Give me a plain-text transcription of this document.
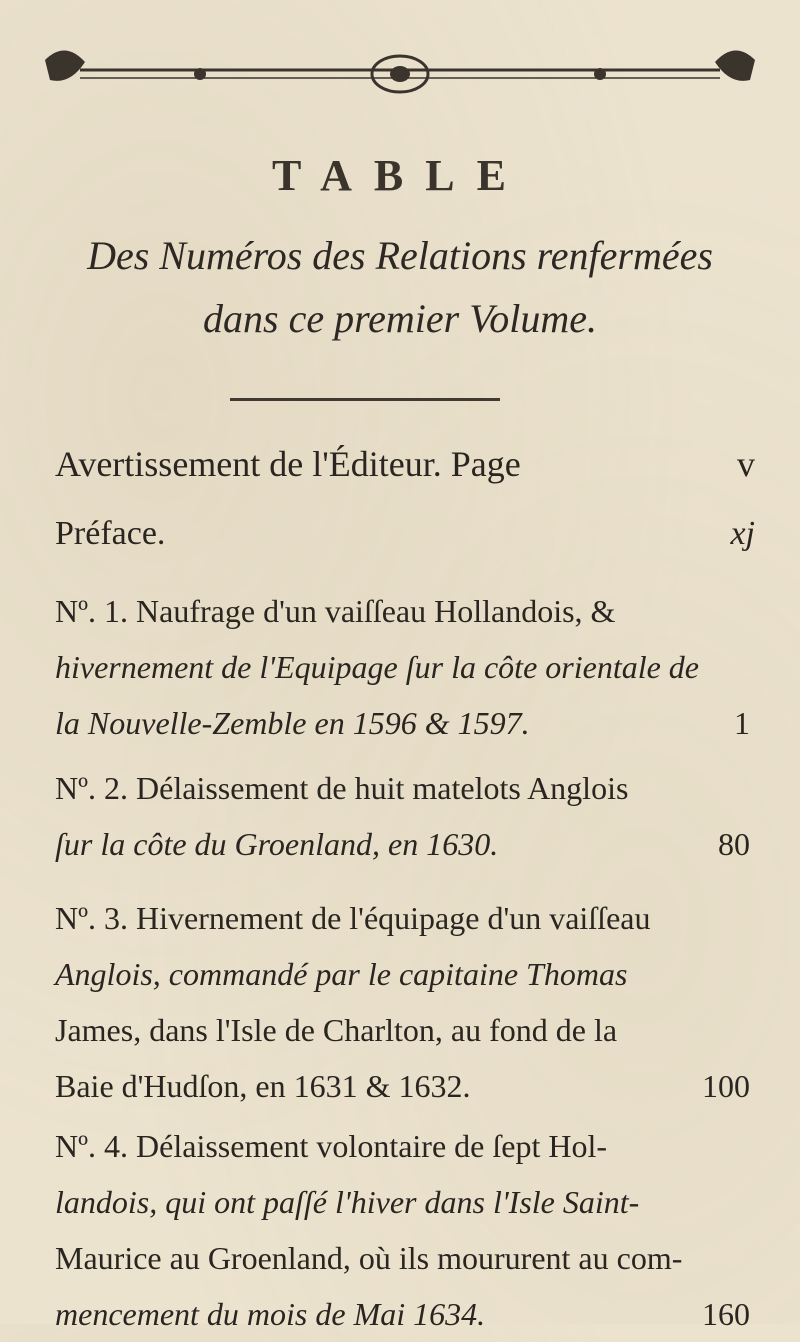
TABLE
Des Numéros des Relations renfermées
dans ce premier Volume.
Avertissement de l'Éditeur. Page	v
Préface.	xj
Nº. 1. Naufrage d'un vaiſſeau Hollandois, &
hivernement de l'Equipage ſur la côte orientale de
la Nouvelle-Zemble en 1596 & 1597.	1
Nº. 2. Délaissement de huit matelots Anglois
ſur la côte du Groenland, en 1630.	80
Nº. 3. Hivernement de l'équipage d'un vaiſſeau
Anglois, commandé par le capitaine Thomas
James, dans l'Isle de Charlton, au fond de la
Baie d'Hudſon, en 1631 & 1632.	100
Nº. 4. Délaissement volontaire de ſept Hol-
landois, qui ont paſſé l'hiver dans l'Isle Saint-
Maurice au Groenland, où ils moururent au com-
mencement du mois de Mai 1634.	160
